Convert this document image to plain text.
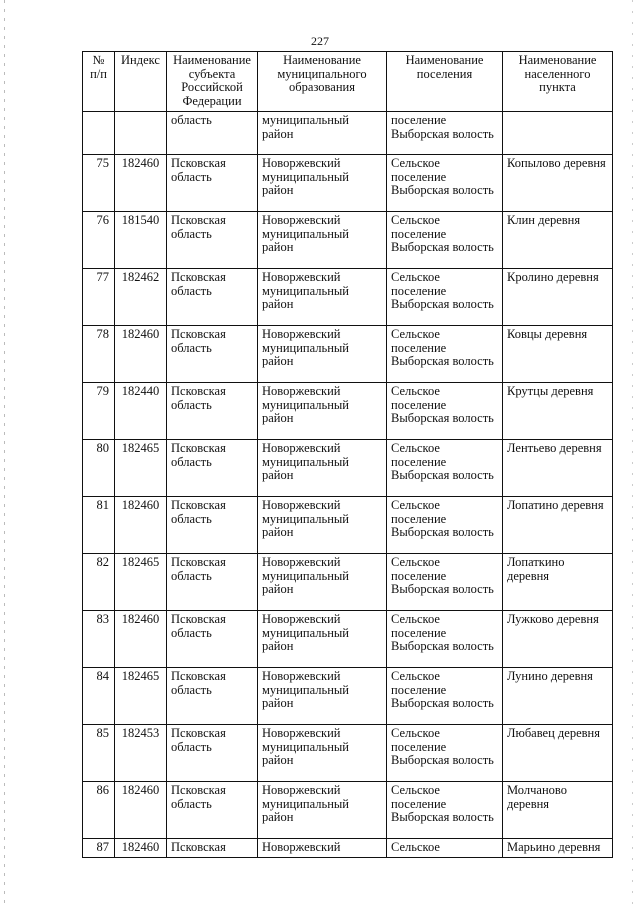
227
№ п/п	Индекс	Наименование субъекта Российской Федерации	Наименование муниципального образования	Наименование поселения	Наименование населенного пункта
		область	муниципальный район	поселение Выборская волость	
75	182460	Псковская область	Новоржевский муниципальный район	Сельское поселение Выборская волость	Копылово деревня
76	181540	Псковская область	Новоржевский муниципальный район	Сельское поселение Выборская волость	Клин деревня
77	182462	Псковская область	Новоржевский муниципальный район	Сельское поселение Выборская волость	Кролино деревня
78	182460	Псковская область	Новоржевский муниципальный район	Сельское поселение Выборская волость	Ковцы деревня
79	182440	Псковская область	Новоржевский муниципальный район	Сельское поселение Выборская волость	Крутцы деревня
80	182465	Псковская область	Новоржевский муниципальный район	Сельское поселение Выборская волость	Лентьево деревня
81	182460	Псковская область	Новоржевский муниципальный район	Сельское поселение Выборская волость	Лопатино деревня
82	182465	Псковская область	Новоржевский муниципальный район	Сельское поселение Выборская волость	Лопаткино деревня
83	182460	Псковская область	Новоржевский муниципальный район	Сельское поселение Выборская волость	Лужково деревня
84	182465	Псковская область	Новоржевский муниципальный район	Сельское поселение Выборская волость	Лунино деревня
85	182453	Псковская область	Новоржевский муниципальный район	Сельское поселение Выборская волость	Любавец деревня
86	182460	Псковская область	Новоржевский муниципальный район	Сельское поселение Выборская волость	Молчаново деревня
87	182460	Псковская	Новоржевский	Сельское	Марьино деревня
